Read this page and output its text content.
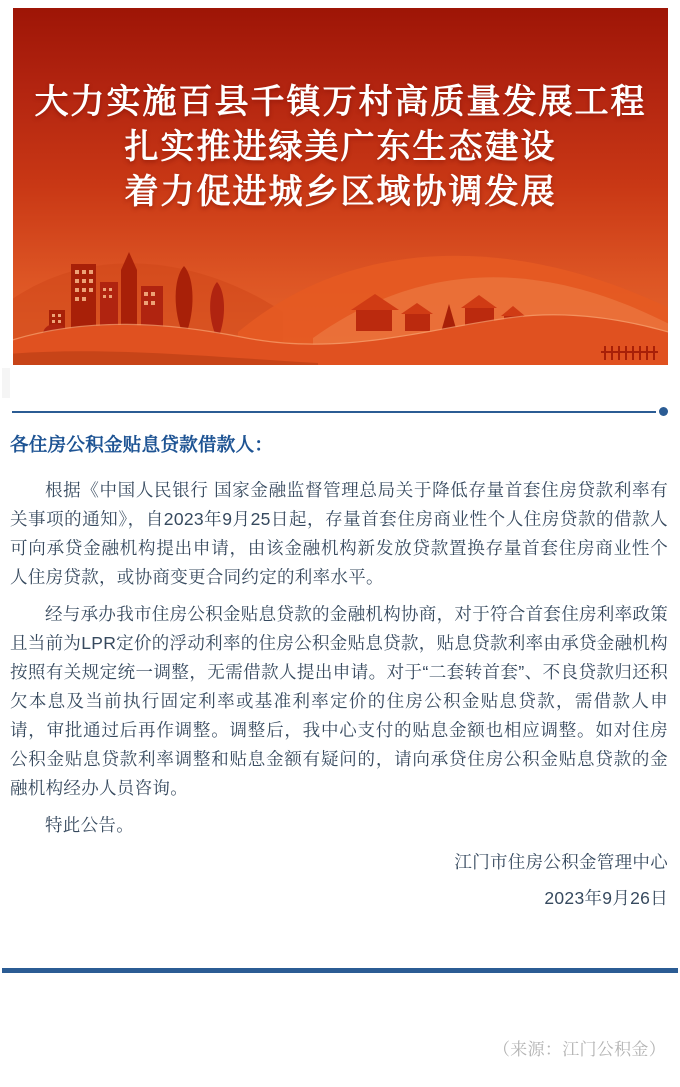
大力实施百县千镇万村高质量发展工程
扎实推进绿美广东生态建设
着力促进城乡区域协调发展

各住房公积金贴息贷款借款人：

根据《中国人民银行 国家金融监督管理总局关于降低存量首套住房贷款利率有关事项的通知》，自2023年9月25日起，存量首套住房商业性个人住房贷款的借款人可向承贷金融机构提出申请，由该金融机构新发放贷款置换存量首套住房商业性个人住房贷款，或协商变更合同约定的利率水平。

经与承办我市住房公积金贴息贷款的金融机构协商，对于符合首套住房利率政策且当前为LPR定价的浮动利率的住房公积金贴息贷款，贴息贷款利率由承贷金融机构按照有关规定统一调整，无需借款人提出申请。对于“二套转首套”、不良贷款归还积欠本息及当前执行固定利率或基准利率定价的住房公积金贴息贷款，需借款人申请，审批通过后再作调整。调整后，我中心支付的贴息金额也相应调整。如对住房公积金贴息贷款利率调整和贴息金额有疑问的，请向承贷住房公积金贴息贷款的金融机构经办人员咨询。

特此公告。

江门市住房公积金管理中心

2023年9月26日

（来源：江门公积金）
